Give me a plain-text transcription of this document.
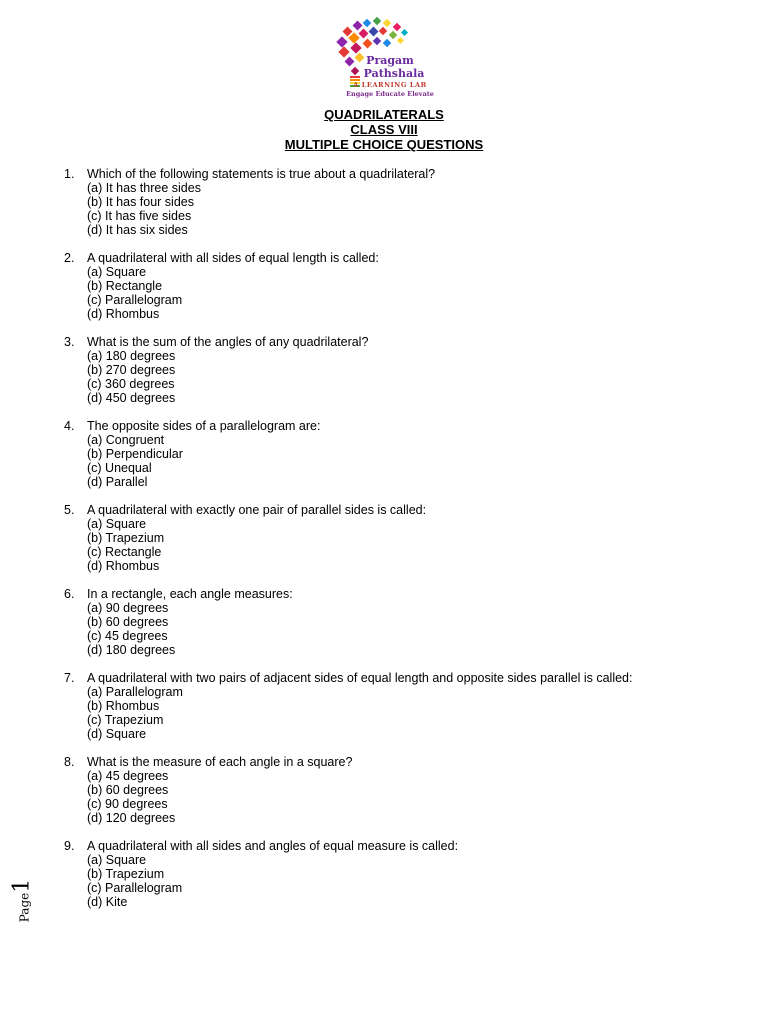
Pragam
Pathshala
A LEARNING LAB
Engage Educate Elevate
QUADRILATERALS
CLASS VIII
MULTIPLE CHOICE QUESTIONS
1. Which of the following statements is true about a quadrilateral?
(a) It has three sides
(b) It has four sides
(c) It has five sides
(d) It has six sides
2. A quadrilateral with all sides of equal length is called:
(a) Square
(b) Rectangle
(c) Parallelogram
(d) Rhombus
3. What is the sum of the angles of any quadrilateral?
(a) 180 degrees
(b) 270 degrees
(c) 360 degrees
(d) 450 degrees
4. The opposite sides of a parallelogram are:
(a) Congruent
(b) Perpendicular
(c) Unequal
(d) Parallel
5. A quadrilateral with exactly one pair of parallel sides is called:
(a) Square
(b) Trapezium
(c) Rectangle
(d) Rhombus
6. In a rectangle, each angle measures:
(a) 90 degrees
(b) 60 degrees
(c) 45 degrees
(d) 180 degrees
7. A quadrilateral with two pairs of adjacent sides of equal length and opposite sides parallel is called:
(a) Parallelogram
(b) Rhombus
(c) Trapezium
(d) Square
8. What is the measure of each angle in a square?
(a) 45 degrees
(b) 60 degrees
(c) 90 degrees
(d) 120 degrees
9. A quadrilateral with all sides and angles of equal measure is called:
(a) Square
(b) Trapezium
(c) Parallelogram
(d) Kite
Page1
